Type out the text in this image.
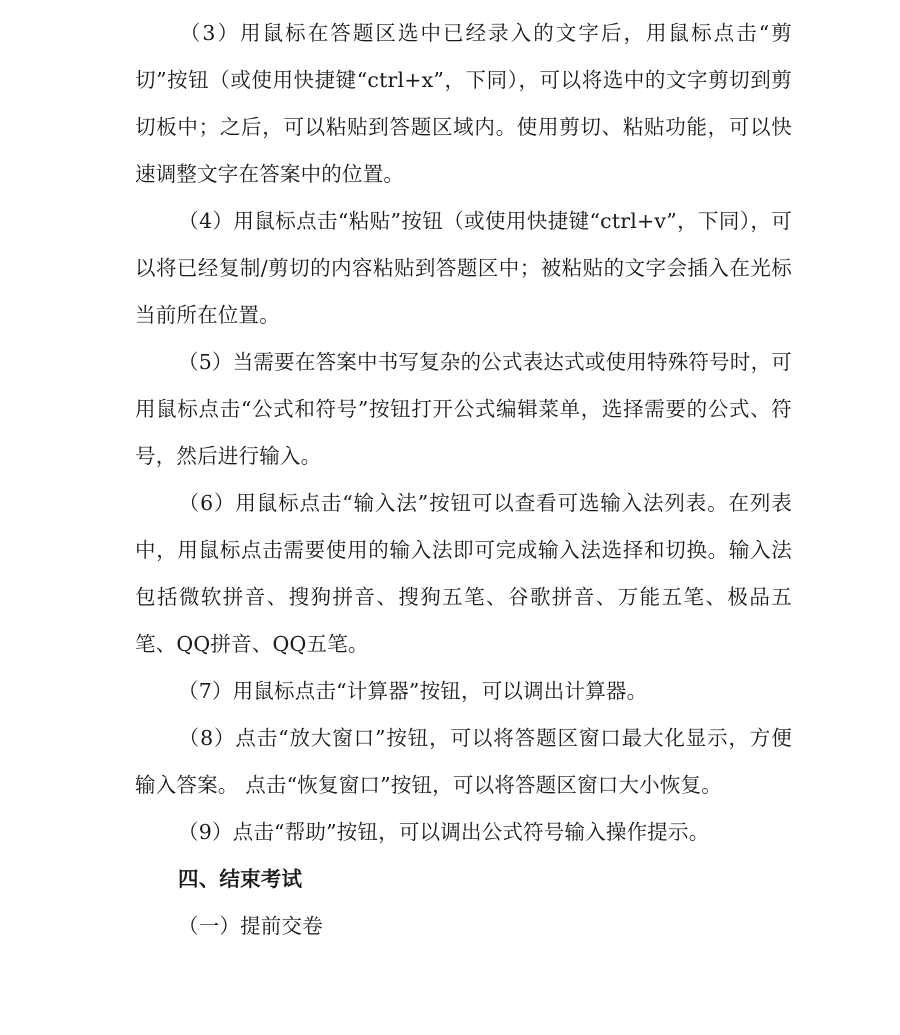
（3）用鼠标在答题区选中已经录入的文字后，用鼠标点击“剪切”按钮（或使用快捷键“ctrl+x”，下同），可以将选中的文字剪切到剪切板中；之后，可以粘贴到答题区域内。使用剪切、粘贴功能，可以快速调整文字在答案中的位置。

（4）用鼠标点击“粘贴”按钮（或使用快捷键“ctrl+v”，下同），可以将已经复制/剪切的内容粘贴到答题区中；被粘贴的文字会插入在光标当前所在位置。

（5）当需要在答案中书写复杂的公式表达式或使用特殊符号时，可用鼠标点击“公式和符号”按钮打开公式编辑菜单，选择需要的公式、符号，然后进行输入。

（6）用鼠标点击“输入法”按钮可以查看可选输入法列表。在列表中，用鼠标点击需要使用的输入法即可完成输入法选择和切换。输入法包括微软拼音、搜狗拼音、搜狗五笔、谷歌拼音、万能五笔、极品五笔、QQ拼音、QQ五笔。

（7）用鼠标点击“计算器”按钮，可以调出计算器。

（8）点击“放大窗口”按钮，可以将答题区窗口最大化显示，方便输入答案。 点击“恢复窗口”按钮，可以将答题区窗口大小恢复。

（9）点击“帮助”按钮，可以调出公式符号输入操作提示。

四、结束考试

（一）提前交卷
